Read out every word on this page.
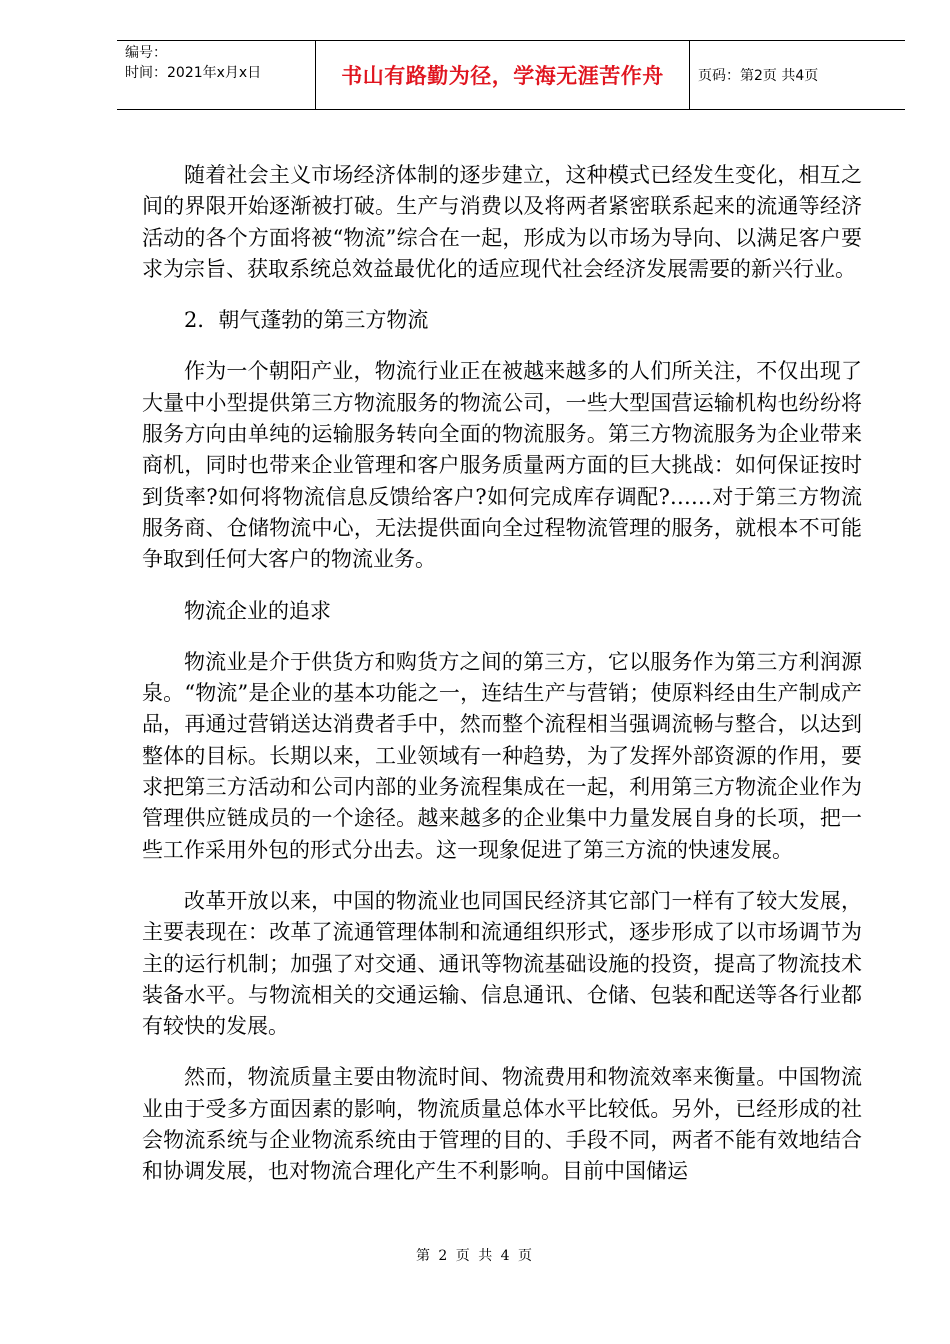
编号：
时间：2021年x月x日	书山有路勤为径，学海无涯苦作舟 页码：第2页 共4页

随着社会主义市场经济体制的逐步建立，这种模式已经发生变化，相互之间的界限开始逐渐被打破。生产与消费以及将两者紧密联系起来的流通等经济活动的各个方面将被“物流”综合在一起，形成为以市场为导向、以满足客户要求为宗旨、获取系统总效益最优化的适应现代社会经济发展需要的新兴行业。

2．朝气蓬勃的第三方物流

作为一个朝阳产业，物流行业正在被越来越多的人们所关注，不仅出现了大量中小型提供第三方物流服务的物流公司，一些大型国营运输机构也纷纷将服务方向由单纯的运输服务转向全面的物流服务。第三方物流服务为企业带来商机，同时也带来企业管理和客户服务质量两方面的巨大挑战：如何保证按时到货率?如何将物流信息反馈给客户?如何完成库存调配?……对于第三方物流服务商、仓储物流中心，无法提供面向全过程物流管理的服务，就根本不可能争取到任何大客户的物流业务。

物流企业的追求

物流业是介于供货方和购货方之间的第三方，它以服务作为第三方利润源泉。“物流”是企业的基本功能之一，连结生产与营销；使原料经由生产制成产品，再通过营销送达消费者手中，然而整个流程相当强调流畅与整合，以达到整体的目标。长期以来，工业领域有一种趋势，为了发挥外部资源的作用，要求把第三方活动和公司内部的业务流程集成在一起，利用第三方物流企业作为管理供应链成员的一个途径。越来越多的企业集中力量发展自身的长项，把一些工作采用外包的形式分出去。这一现象促进了第三方流的快速发展。

改革开放以来，中国的物流业也同国民经济其它部门一样有了较大发展，主要表现在：改革了流通管理体制和流通组织形式，逐步形成了以市场调节为主的运行机制；加强了对交通、通讯等物流基础设施的投资，提高了物流技术装备水平。与物流相关的交通运输、信息通讯、仓储、包装和配送等各行业都有较快的发展。

然而，物流质量主要由物流时间、物流费用和物流效率来衡量。中国物流业由于受多方面因素的影响，物流质量总体水平比较低。另外，已经形成的社会物流系统与企业物流系统由于管理的目的、手段不同，两者不能有效地结合和协调发展，也对物流合理化产生不利影响。目前中国储运

第 2 页 共 4 页
